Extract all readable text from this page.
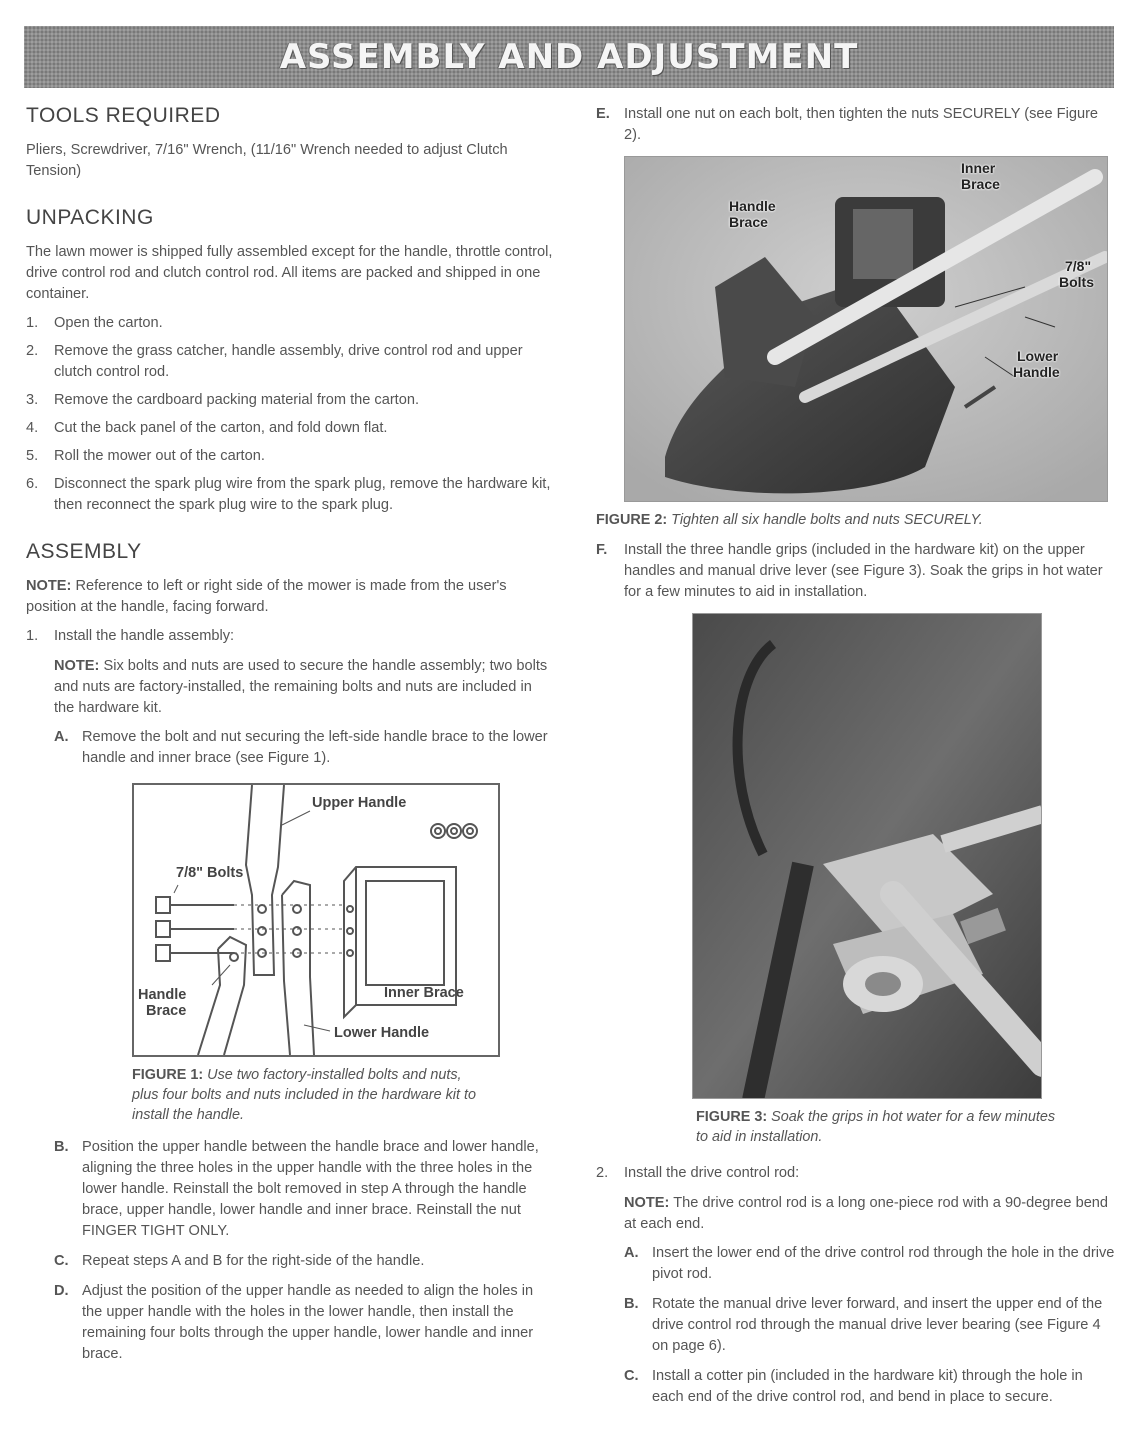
ASSEMBLY AND ADJUSTMENT
TOOLS REQUIRED

Pliers, Screwdriver, 7/16" Wrench, (11/16" Wrench needed to adjust Clutch Tension)

UNPACKING

The lawn mower is shipped fully assembled except for the handle, throttle control, drive control rod and clutch control rod. All items are packed and shipped in one container.

1.	Open the carton.
2.	Remove the grass catcher, handle assembly, drive control rod and upper clutch control rod.
3.	Remove the cardboard packing material from the carton.
4.	Cut the back panel of the carton, and fold down flat.
5.	Roll the mower out of the carton.
6.	Disconnect the spark plug wire from the spark plug, remove the hardware kit, then reconnect the spark plug wire to the spark plug.
ASSEMBLY

NOTE: Reference to left or right side of the mower is made from the user's position at the handle, facing forward.

1.	Install the handle assembly:

NOTE: Six bolts and nuts are used to secure the handle assembly; two bolts and nuts are factory-installed, the remaining bolts and nuts are included in the hardware kit.

A. Remove the bolt and nut securing the left-side handle brace to the lower handle and inner brace (see Figure 1).
Upper Handle
7/8" Bolts
Handle
Brace
Inner Brace
Lower Handle
FIGURE 1: Use two factory-installed bolts and nuts, plus four bolts and nuts included in the hardware kit to install the handle.
B. Position the upper handle between the handle brace and lower handle, aligning the three holes in the upper handle with the three holes in the lower handle. Reinstall the bolt removed in step A through the handle brace, upper handle, lower handle and inner brace. Reinstall the nut FINGER TIGHT ONLY.
C. Repeat steps A and B for the right-side of the handle.
D. Adjust the position of the upper handle as needed to align the holes in the upper handle with the holes in the lower handle, then install the remaining four bolts through the upper handle, lower handle and inner brace.
E. Install one nut on each bolt, then tighten the nuts SECURELY (see Figure 2).
Inner
Brace
Handle
Brace
7/8"
Bolts
Lower
Handle
FIGURE 2: Tighten all six handle bolts and nuts SECURELY.
F.	Install the three handle grips (included in the hardware kit) on the upper handles and manual drive lever (see Figure 3). Soak the grips in hot water for a few minutes to aid in installation.
FIGURE 3: Soak the grips in hot water for a few minutes to aid in installation.
2.	Install the drive control rod:

NOTE: The drive control rod is a long one-piece rod with a 90-degree bend at each end.

A. Insert the lower end of the drive control rod through the hole in the drive pivot rod.
B. Rotate the manual drive lever forward, and insert the upper end of the drive control rod through the manual drive lever bearing (see Figure 4 on page 6).
C. Install a cotter pin (included in the hardware kit) through the hole in each end of the drive control rod, and bend in place to secure.
